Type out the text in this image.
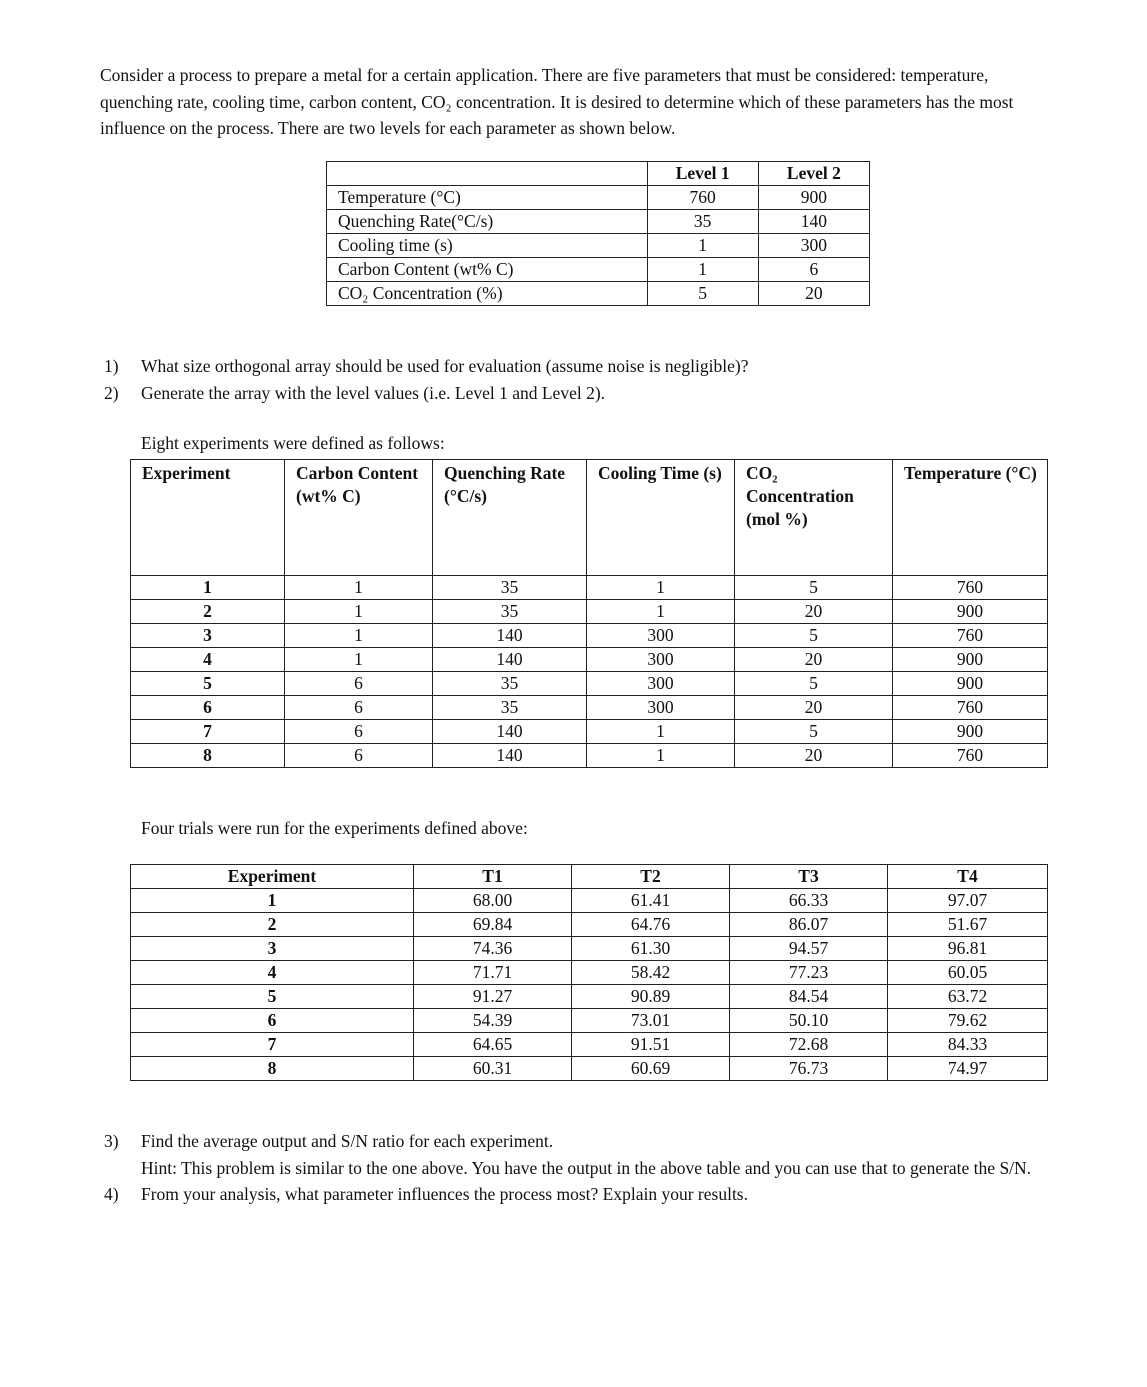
Consider a process to prepare a metal for a certain application. There are five parameters that must be considered: temperature, quenching rate, cooling time, carbon content, CO₂ concentration. It is desired to determine which of these parameters has the most influence on the process. There are two levels for each parameter as shown below.

	Level 1	Level 2
Temperature (°C)	760	900
Quenching Rate(°C/s)	35	140
Cooling time (s)	1	300
Carbon Content (wt% C)	1	6
CO₂ Concentration (%)	5	20
1) What size orthogonal array should be used for evaluation (assume noise is negligible)?
2) Generate the array with the level values (i.e. Level 1 and Level 2).
Eight experiments were defined as follows:
Experiment	Carbon Content (wt% C)	Quenching Rate (°C/s)	Cooling Time (s)	CO₂ Concentration (mol %)	Temperature (°C)
1	1	35	1	5	760
2	1	35	1	20	900
3	1	140	300	5	760
4	1	140	300	20	900
5	6	35	300	5	900
6	6	35	300	20	760
7	6	140	1	5	900
8	6	140	1	20	760
Four trials were run for the experiments defined above:
Experiment	T1	T2	T3	T4
1	68.00	61.41	66.33	97.07
2	69.84	64.76	86.07	51.67
3	74.36	61.30	94.57	96.81
4	71.71	58.42	77.23	60.05
5	91.27	90.89	84.54	63.72
6	54.39	73.01	50.10	79.62
7	64.65	91.51	72.68	84.33
8	60.31	60.69	76.73	74.97
3)	Find the average output and S/N ratio for each experiment.
Hint: This problem is similar to the one above. You have the output in the above table and you can use that to generate the S/N.
4)	From your analysis, what parameter influences the process most? Explain your results.
